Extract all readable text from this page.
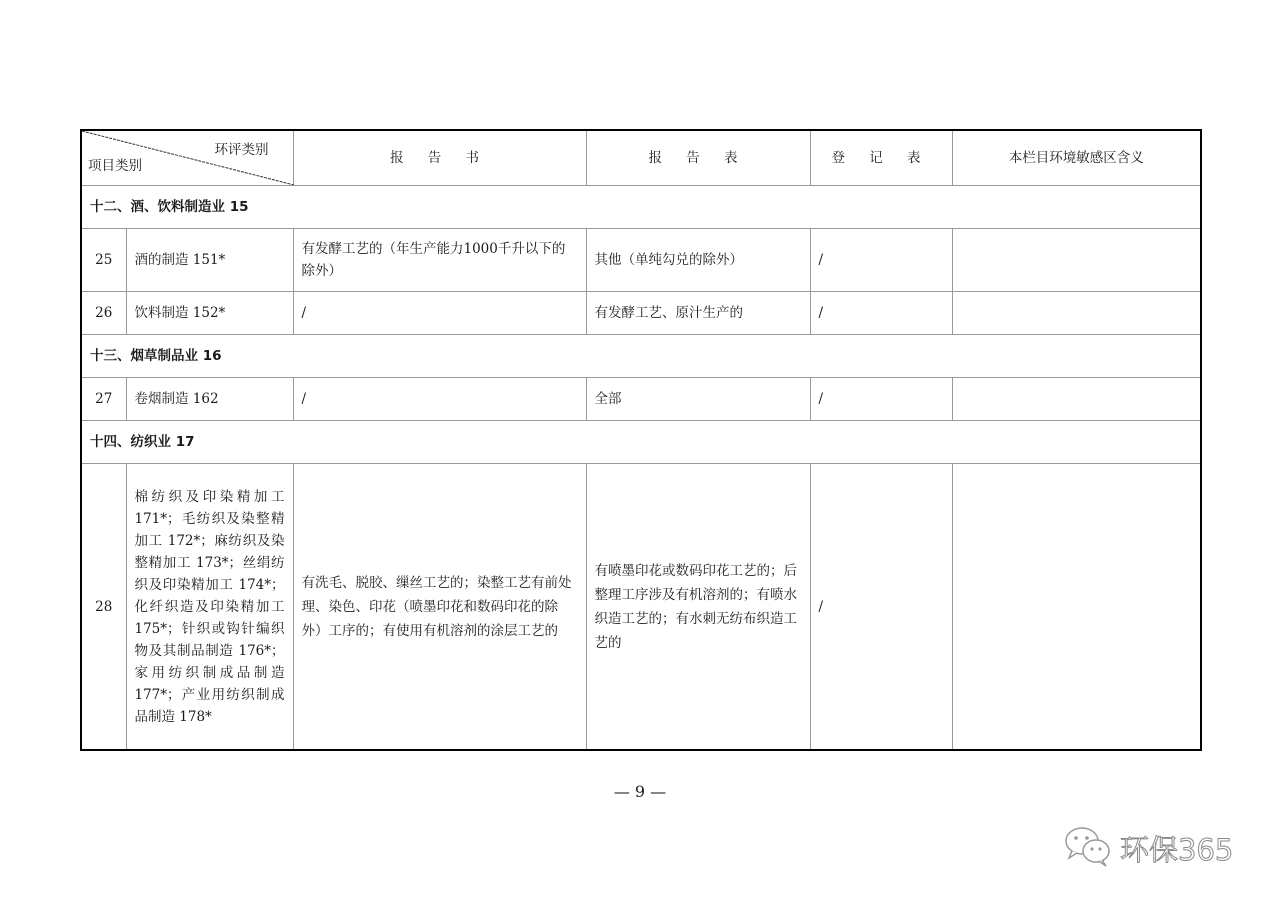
环评类别
项目类别		报 告 书	报 告 表	登 记 表	本栏目环境敏感区含义
十二、酒、饮料制造业 15					
25	酒的制造 151*	有发酵工艺的（年生产能力1000千升以下的除外）	其他（单纯勾兑的除外）	/	
26	饮料制造 152*	/	有发酵工艺、原汁生产的	/	
十三、烟草制品业 16					
27	卷烟制造 162	/	全部	/	
十四、纺织业 17					
28	棉纺织及印染精加工171*；毛纺织及染整精加工 172*；麻纺织及染整精加工 173*；丝绢纺织及印染精加工 174*；化纤织造及印染精加工 175*；针织或钩针编织物及其制品制造 176*；家用纺织制成品制造177*；产业用纺织制成品制造 178*	有洗毛、脱胶、缫丝工艺的；染整工艺有前处理、染色、印花（喷墨印花和数码印花的除外）工序的；有使用有机溶剂的涂层工艺的	有喷墨印花或数码印花工艺的；后整理工序涉及有机溶剂的；有喷水织造工艺的；有水刺无纺布织造工艺的	/	
— 9 —
环保365
